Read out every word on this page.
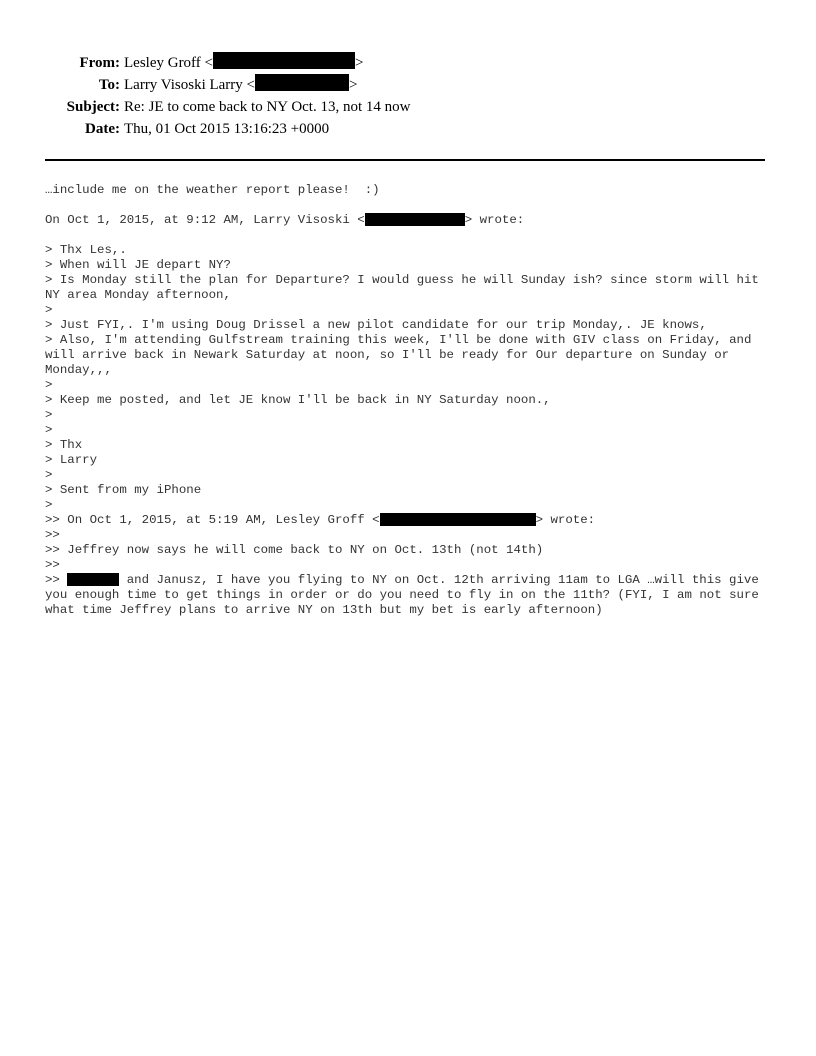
From: Lesley Groff <	>
To: Larry Visoski Larry <	>
Subject: Re: JE to come back to NY Oct. 13, not 14 now
Date: Thu, 01 Oct 2015 13:16:23 +0000
…include me on the weather report please!  :)
On Oct 1, 2015, at 9:12 AM, Larry Visoski <	> wrote:
> Thx Les,.
> When will JE depart NY?
> Is Monday still the plan for Departure? I would guess he will Sunday ish? since storm will hit NY area Monday afternoon,
>
> Just FYI,. I'm using Doug Drissel a new pilot candidate for our trip Monday,. JE knows,
> Also, I'm attending Gulfstream training this week, I'll be done with GIV class on Friday, and will arrive back in Newark Saturday at noon, so I'll be ready for Our departure on Sunday or Monday,,,
>
> Keep me posted, and let JE know I'll be back in NY Saturday noon.,
>
>
> Thx
> Larry
>
> Sent from my iPhone
>
>> On Oct 1, 2015, at 5:19 AM, Lesley Groff <	> wrote:
>>
>> Jeffrey now says he will come back to NY on Oct. 13th (not 14th)
>>
>>	and Janusz, I have you flying to NY on Oct. 12th arriving 11am to LGA …will this give you enough time to get things in order or do you need to fly in on the 11th? (FYI, I am not sure what time Jeffrey plans to arrive NY on 13th but my bet is early afternoon)
